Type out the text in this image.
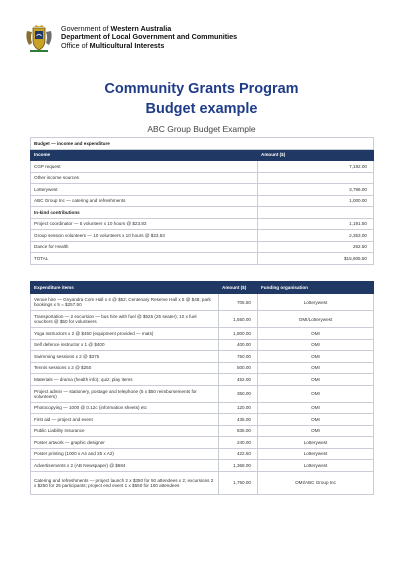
Government of Western Australia
Department of Local Government and Communities
Office of Multicultural Interests
Community Grants Program
Budget example
ABC Group Budget Example
Budget — income and expenditure	
Income	Amount ($)
CGP request	7,192.00
Other income sources	
Lotterywest	3,796.00
ABC Group Inc — catering and refreshments	1,000.00
In-kind contributions	
Project coordinator — 5 volunteer x 10 hours @ $23.83	1,191.50
Group session volunteers — 10 volunteers x 10 hours @ $23.53	2,353.00
Dance for Health	262.50
TOTAL	$15,605.50
Expenditure items	Amount ($)	Funding organisation
Venue hire — Gnyandra Com Hall x 4 @ $52; Centenary Reserve Hall x 5 @ $48; park bookings x 5 = $257.50	705.50	Lotterywest
Transportation — 2 excursion — bus hire with fuel @ $525 (25 seater); 10 x fuel vouchers @ $50 for volunteers	1,550.00	OMI/Lotterywest
Yoga instructors x 2 @ $450 (equipment provided — mats)	1,800.00	OMI
Self defence instructor x 1 @ $400	400.00	OMI
Swimming sessions x 2 @ $375	750.00	OMI
Tennis sessions x 2 @ $250	500.00	OMI
Materials — drama (health info); quiz; play items	452.00	OMI
Project admin — stationery, postage and telephone (5 x $50 reimbursements for volunteers)	350.00	OMI
Photocopying — 1000 @ 0.12c (information sheets) etc	120.00	OMI
First aid — project and event	435.00	OMI
Public Liability Insurance	835.00	OMI
Poster artwork — graphic designer	240.00	Lotterywest
Poster printing (1000 x A4 and 25 x A2)	422.50	Lotterywest
Advertisements x 2 (AB Newspaper) @ $684	1,368.00	Lotterywest
Catering and refreshments — project launch 2 x $350 for 50 attendees x 2; excursions 2 x $250 for 25 participants; project end event 1 x $550 for 100 attendees	1,750.00	OMI/ABC Group Inc
